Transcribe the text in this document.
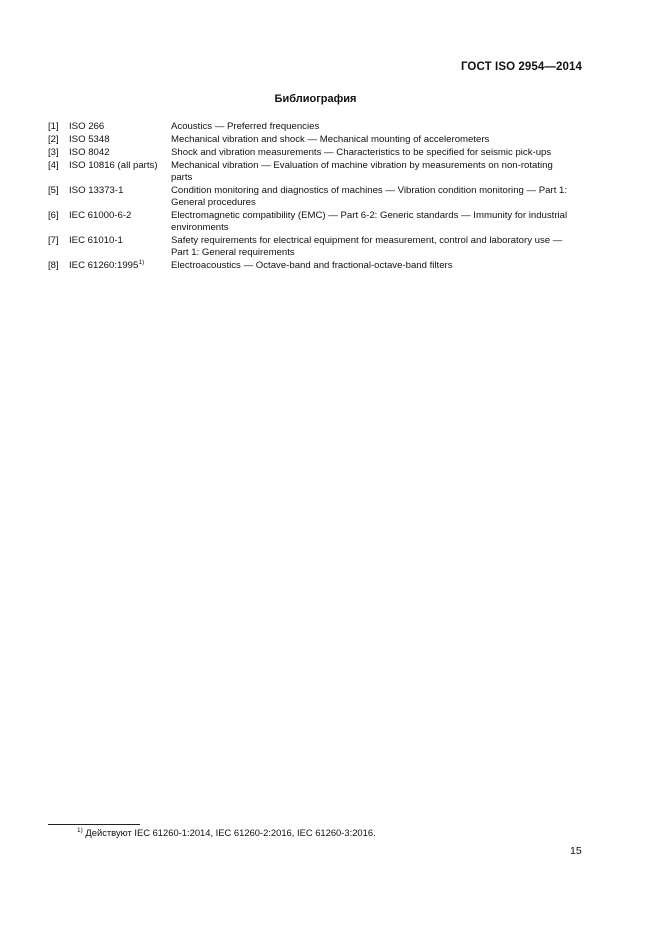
ГОСТ ISO 2954—2014
Библиография
[1]	ISO 266	Acoustics — Preferred frequencies
[2]	ISO 5348	Mechanical vibration and shock — Mechanical mounting of accelerometers
[3]	ISO 8042	Shock and vibration measurements — Characteristics to be specified for seismic pick-ups
[4]	ISO 10816 (all parts)	Mechanical vibration — Evaluation of machine vibration by measurements on non-rotating
parts
[5]	ISO 13373-1	Condition monitoring and diagnostics of machines — Vibration condition monitoring — Part 1:
General procedures
[6]	IEC 61000-6-2	Electromagnetic compatibility (EMC) — Part 6-2: Generic standards — Immunity for industrial
environments
[7]	IEC 61010-1	Safety requirements for electrical equipment for measurement, control and laboratory use —
Part 1: General requirements
[8]	IEC 61260:1995$^{1)}$	Electroacoustics — Octave-band and fractional-octave-band filters
$^{1)}$ Действуют IEC 61260-1:2014, IEC 61260-2:2016, IEC 61260-3:2016.
15
